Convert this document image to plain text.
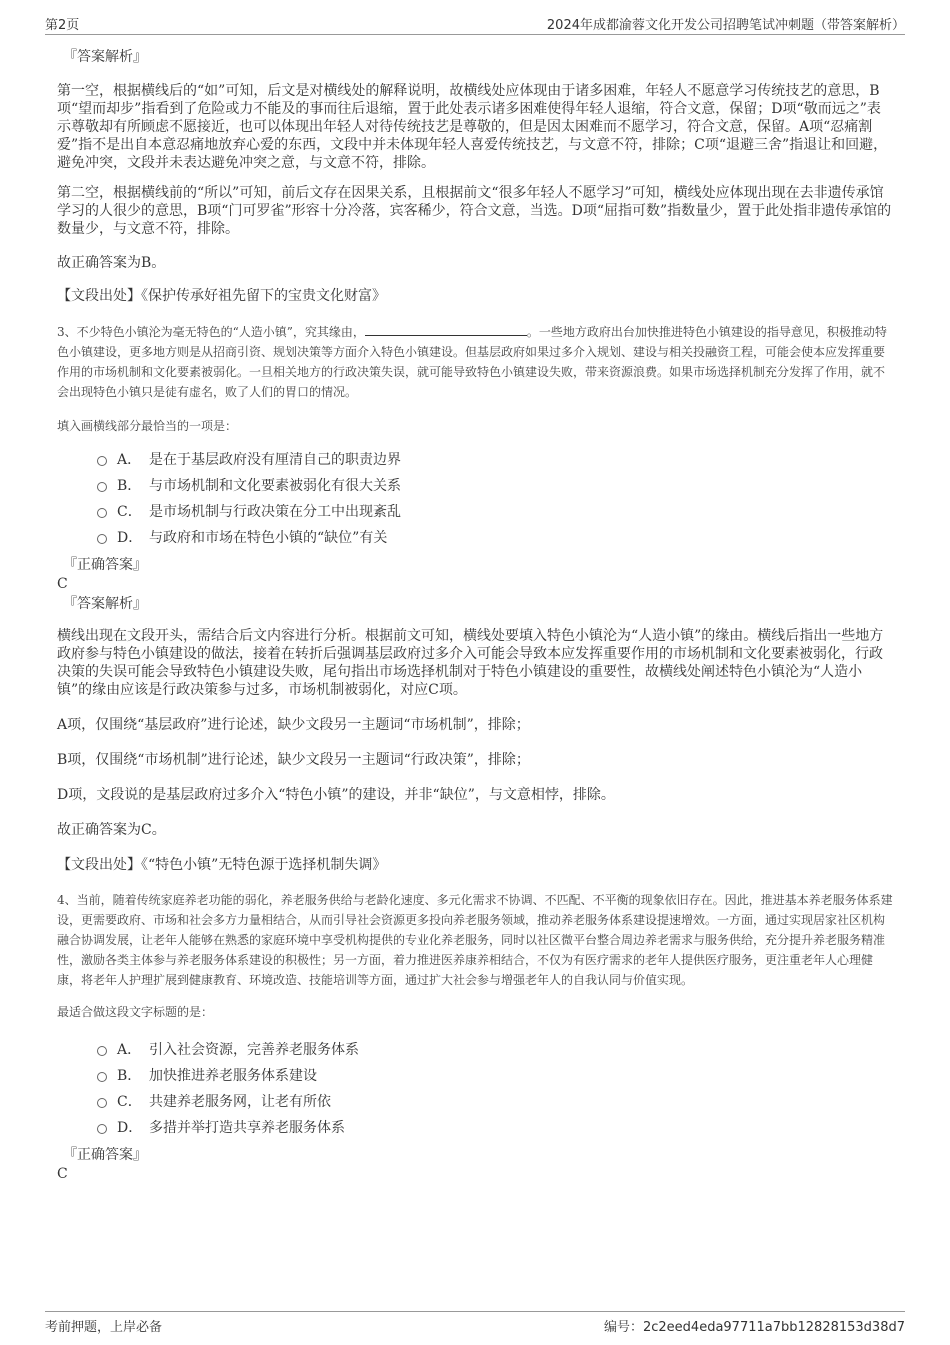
第2页	2024年成都渝蓉文化开发公司招聘笔试冲刺题（带答案解析）
『答案解析』

第一空，根据横线后的“如”可知，后文是对横线处的解释说明，故横线处应体现由于诸多困难，年轻人不愿意学习传统技艺的意思，B项“望而却步”指看到了危险或力不能及的事而往后退缩，置于此处表示诸多困难使得年轻人退缩，符合文意，保留；D项“敬而远之”表示尊敬却有所顾虑不愿接近，也可以体现出年轻人对待传统技艺是尊敬的，但是因太困难而不愿学习，符合文意，保留。A项“忍痛割爱”指不是出自本意忍痛地放弃心爱的东西，文段中并未体现年轻人喜爱传统技艺，与文意不符，排除；C项“退避三舍”指退让和回避，避免冲突，文段并未表达避免冲突之意，与文意不符，排除。

第二空，根据横线前的“所以”可知，前后文存在因果关系，且根据前文“很多年轻人不愿学习”可知，横线处应体现出现在去非遗传承馆学习的人很少的意思，B项“门可罗雀”形容十分冷落，宾客稀少，符合文意，当选。D项“屈指可数”指数量少，置于此处指非遗传承馆的数量少，与文意不符，排除。

故正确答案为B。

【文段出处】《保护传承好祖先留下的宝贵文化财富》

3、不少特色小镇沦为毫无特色的“人造小镇”，究其缘由，	。一些地方政府出台加快推进特色小镇建设的指导意见，积极推动特色小镇建设，更多地方则是从招商引资、规划决策等方面介入特色小镇建设。但基层政府如果过多介入规划、建设与相关投融资工程，可能会使本应发挥重要作用的市场机制和文化要素被弱化。一旦相关地方的行政决策失误，就可能导致特色小镇建设失败，带来资源浪费。如果市场选择机制充分发挥了作用，就不会出现特色小镇只是徒有虚名，败了人们的胃口的情况。

填入画横线部分最恰当的一项是：

A． 是在于基层政府没有厘清自己的职责边界
B． 与市场机制和文化要素被弱化有很大关系
C． 是市场机制与行政决策在分工中出现紊乱
D． 与政府和市场在特色小镇的“缺位”有关
『正确答案』

C

『答案解析』

横线出现在文段开头，需结合后文内容进行分析。根据前文可知，横线处要填入特色小镇沦为“人造小镇”的缘由。横线后指出一些地方政府参与特色小镇建设的做法，接着在转折后强调基层政府过多介入可能会导致本应发挥重要作用的市场机制和文化要素被弱化，行政决策的失误可能会导致特色小镇建设失败，尾句指出市场选择机制对于特色小镇建设的重要性，故横线处阐述特色小镇沦为“人造小镇”的缘由应该是行政决策参与过多，市场机制被弱化，对应C项。

A项，仅围绕“基层政府”进行论述，缺少文段另一主题词“市场机制”，排除；

B项，仅围绕“市场机制”进行论述，缺少文段另一主题词“行政决策”，排除；

D项，文段说的是基层政府过多介入“特色小镇”的建设，并非“缺位”，与文意相悖，排除。

故正确答案为C。

【文段出处】《“特色小镇”无特色源于选择机制失调》

4、当前，随着传统家庭养老功能的弱化，养老服务供给与老龄化速度、多元化需求不协调、不匹配、不平衡的现象依旧存在。因此，推进基本养老服务体系建设，更需要政府、市场和社会多方力量相结合，从而引导社会资源更多投向养老服务领域，推动养老服务体系建设提速增效。一方面，通过实现居家社区机构融合协调发展，让老年人能够在熟悉的家庭环境中享受机构提供的专业化养老服务，同时以社区微平台整合周边养老需求与服务供给，充分提升养老服务精准性，激励各类主体参与养老服务体系建设的积极性；另一方面，着力推进医养康养相结合，不仅为有医疗需求的老年人提供医疗服务，更注重老年人心理健康，将老年人护理扩展到健康教育、环境改造、技能培训等方面，通过扩大社会参与增强老年人的自我认同与价值实现。

最适合做这段文字标题的是：

A． 引入社会资源，完善养老服务体系
B． 加快推进养老服务体系建设
C． 共建养老服务网，让老有所依
D． 多措并举打造共享养老服务体系
『正确答案』

C

考前押题，上岸必备	编号：2c2eed4eda97711a7bb12828153d38d7
